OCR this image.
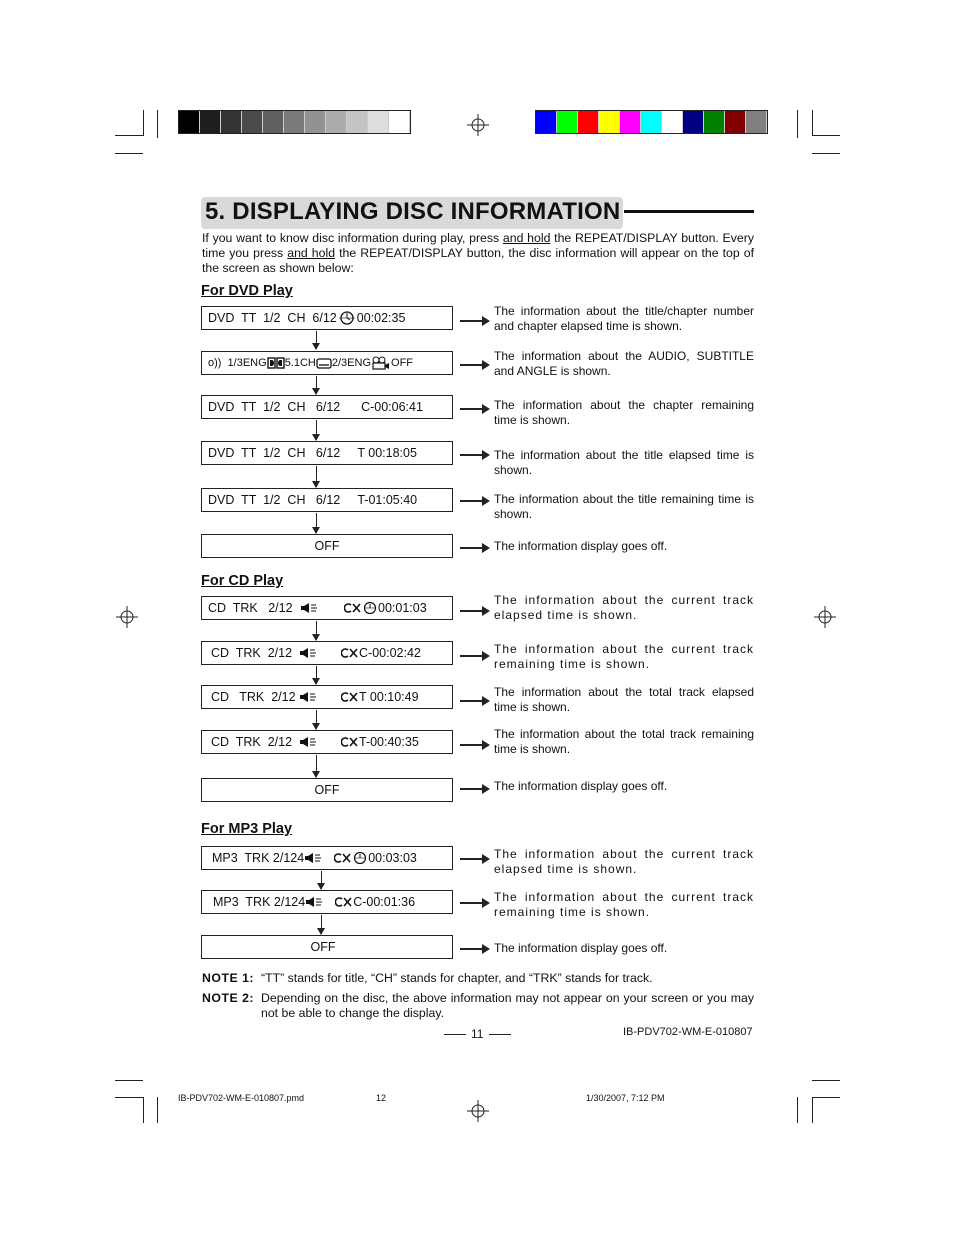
5. DISPLAYING DISC INFORMATION
If you want to know disc information during play, press and hold the REPEAT/DISPLAY button. Every time you press and hold the REPEAT/DISPLAY button, the disc information will appear on the top of the screen as shown below:
For DVD Play
DVD  TT  1/2  CH  6/12 00:02:35
o))  1/3ENG 5.1CH 2/3ENG OFF
DVD  TT  1/2  CH   6/12      C-00:06:41
DVD  TT  1/2  CH   6/12     T 00:18:05
DVD  TT  1/2  CH   6/12     T-01:05:40
OFF
The information about the title/chapter number and chapter elapsed time is shown.
The information about the AUDIO, SUBTITLE and ANGLE is shown.
The information about the chapter remaining time is shown.
The information about the title elapsed time is shown.
The information about the title remaining time is shown.
The information display goes off.
For CD Play
CD  TRK   2/12	00:01:03
CD  TRK  2/12	C-00:02:42
CD   TRK  2/12	T 00:10:49
CD  TRK  2/12	T-00:40:35
OFF
The information about the current track elapsed time is shown.
The information about the current track remaining time is shown.
The information about the total track elapsed time is shown.
The information about the total track remaining time is shown.
The information display goes off.
For MP3 Play
MP3  TRK 2/124	00:03:03
MP3  TRK 2/124	C-00:01:36
OFF
The information about the current track elapsed time is shown.
The information about the current track remaining time is shown.
The information display goes off.
NOTE 1: “TT” stands for title, “CH” stands for chapter, and “TRK” stands for track.
NOTE 2: Depending on the disc, the above information may not appear on your screen or you may not be able to change the display.
11	IB-PDV702-WM-E-010807
IB-PDV702-WM-E-010807.pmd	12	1/30/2007, 7:12 PM
